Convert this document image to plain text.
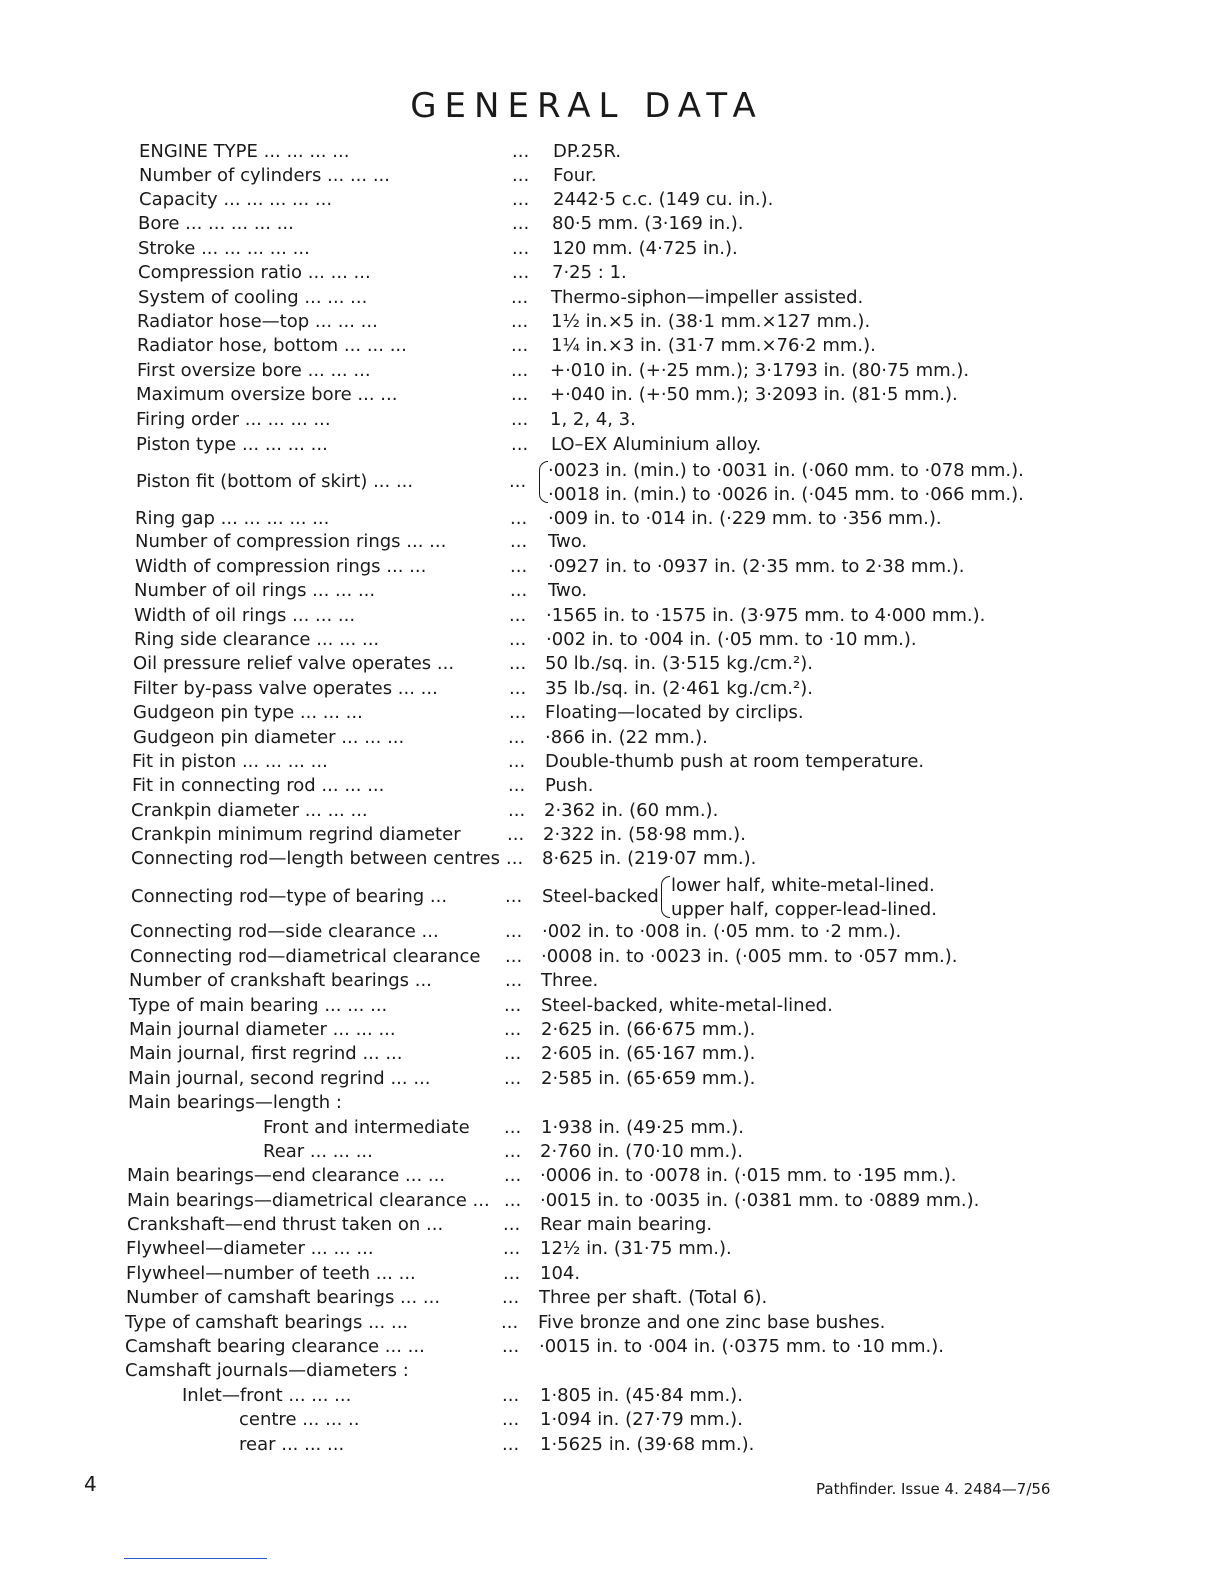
GENERAL DATA
ENGINE TYPE ... ... ... ...	... DP.25R.
Number of cylinders ... ... ...	... Four.
Capacity ... ... ... ... ...	... 2442·5 c.c. (149 cu. in.).
Bore ... ... ... ... ...	... 80·5 mm. (3·169 in.).
Stroke ... ... ... ... ...	... 120 mm. (4·725 in.).
Compression ratio ... ... ...	... 7·25 : 1.
System of cooling ... ... ...	... Thermo-siphon—impeller assisted.
Radiator hose—top ... ... ...	... 1½ in.×5 in. (38·1 mm.×127 mm.).
Radiator hose, bottom ... ... ...	... 1¼ in.×3 in. (31·7 mm.×76·2 mm.).
First oversize bore ... ... ...	... +·010 in. (+·25 mm.); 3·1793 in. (80·75 mm.).
Maximum oversize bore ... ...	... +·040 in. (+·50 mm.); 3·2093 in. (81·5 mm.).
Firing order ... ... ... ...	... 1, 2, 4, 3.
Piston type ... ... ... ...	... LO–EX Aluminium alloy.
Piston fit (bottom of skirt) ... ...	...
·0023 in. (min.) to ·0031 in. (·060 mm. to ·078 mm.).
·0018 in. (min.) to ·0026 in. (·045 mm. to ·066 mm.).
Ring gap ... ... ... ... ...	... ·009 in. to ·014 in. (·229 mm. to ·356 mm.).
Number of compression rings ... ...	... Two.
Width of compression rings ... ...	... ·0927 in. to ·0937 in. (2·35 mm. to 2·38 mm.).
Number of oil rings ... ... ...	... Two.
Width of oil rings ... ... ...	... ·1565 in. to ·1575 in. (3·975 mm. to 4·000 mm.).
Ring side clearance ... ... ...	... ·002 in. to ·004 in. (·05 mm. to ·10 mm.).
Oil pressure relief valve operates ...	... 50 lb./sq. in. (3·515 kg./cm.²).
Filter by-pass valve operates ... ...	... 35 lb./sq. in. (2·461 kg./cm.²).
Gudgeon pin type ... ... ...	... Floating—located by circlips.
Gudgeon pin diameter ... ... ...	... ·866 in. (22 mm.).
Fit in piston ... ... ... ...	... Double-thumb push at room temperature.
Fit in connecting rod ... ... ...	... Push.
Crankpin diameter ... ... ...	... 2·362 in. (60 mm.).
Crankpin minimum regrind diameter	... 2·322 in. (58·98 mm.).
Connecting rod—length between centres ... 8·625 in. (219·07 mm.).
Connecting rod—type of bearing ...	... Steel-backed
lower half, white-metal-lined.
upper half, copper-lead-lined.
Connecting rod—side clearance ...	... ·002 in. to ·008 in. (·05 mm. to ·2 mm.).
Connecting rod—diametrical clearance ... ·0008 in. to ·0023 in. (·005 mm. to ·057 mm.).
Number of crankshaft bearings ...	... Three.
Type of main bearing ... ... ...	... Steel-backed, white-metal-lined.
Main journal diameter ... ... ...	... 2·625 in. (66·675 mm.).
Main journal, first regrind ... ...	... 2·605 in. (65·167 mm.).
Main journal, second regrind ... ...	... 2·585 in. (65·659 mm.).
Main bearings—length :
Front and intermediate ... 1·938 in. (49·25 mm.).
Rear ... ... ...	... 2·760 in. (70·10 mm.).
Main bearings—end clearance ... ...	... ·0006 in. to ·0078 in. (·015 mm. to ·195 mm.).
Main bearings—diametrical clearance ... ... ·0015 in. to ·0035 in. (·0381 mm. to ·0889 mm.).
Crankshaft—end thrust taken on ...	... Rear main bearing.
Flywheel—diameter ... ... ...	... 12½ in. (31·75 mm.).
Flywheel—number of teeth ... ...	... 104.
Number of camshaft bearings ... ...	... Three per shaft. (Total 6).
Type of camshaft bearings ... ...	... Five bronze and one zinc base bushes.
Camshaft bearing clearance ... ...	... ·0015 in. to ·004 in. (·0375 mm. to ·10 mm.).
Camshaft journals—diameters :
Inlet—front ... ... ...	... 1·805 in. (45·84 mm.).
centre ... ... ..	... 1·094 in. (27·79 mm.).
rear ... ... ...	... 1·5625 in. (39·68 mm.).
4	Pathfinder. Issue 4. 2484—7/56
